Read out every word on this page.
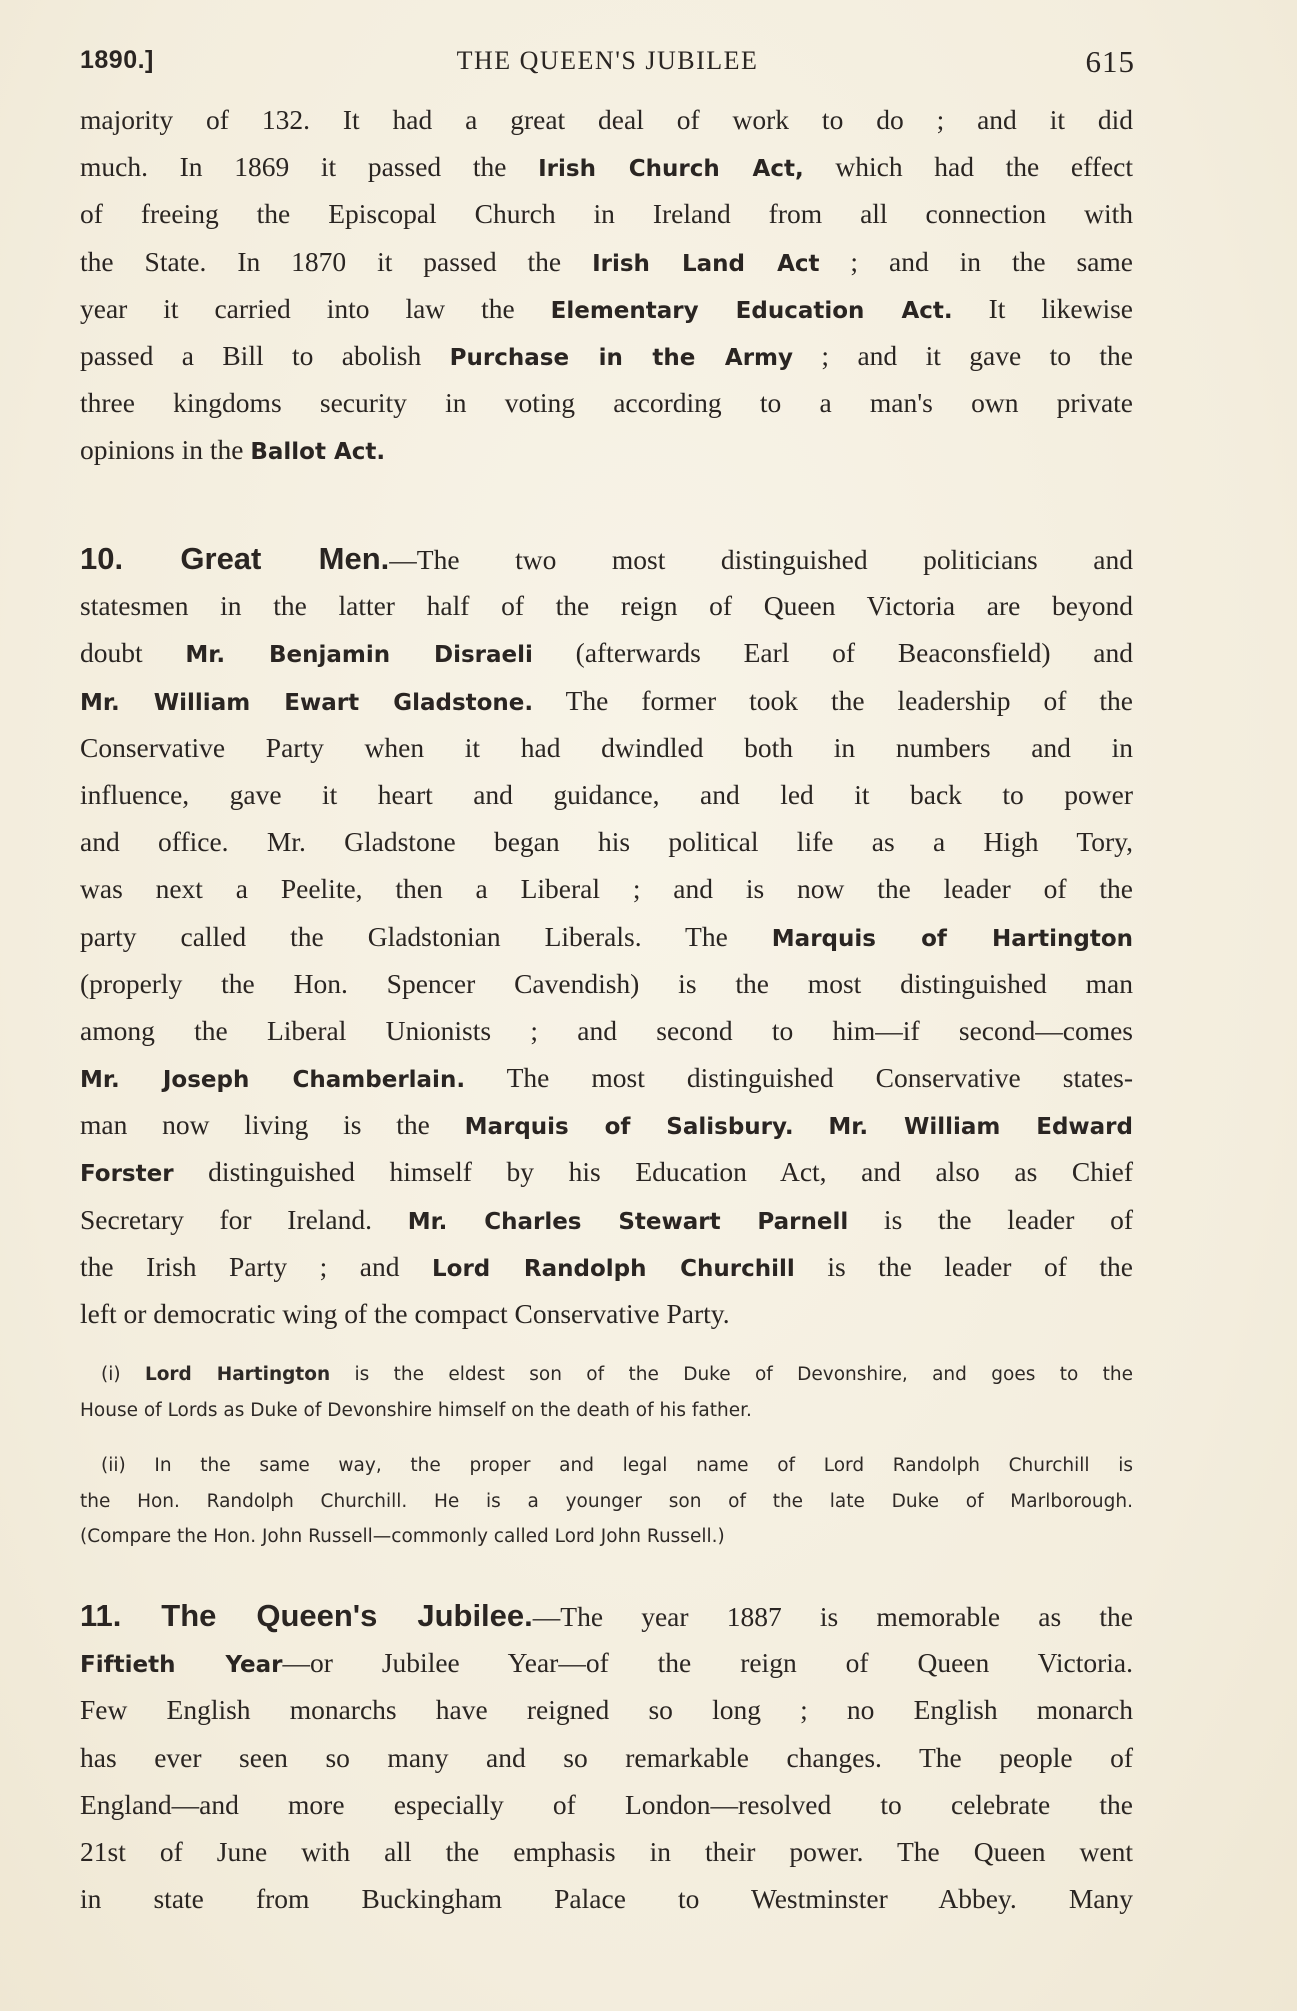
1890.]	THE QUEEN'S JUBILEE	615
majority of 132. It had a great deal of work to do ; and it did
much. In 1869 it passed the Irish Church Act, which had the effect
of freeing the Episcopal Church in Ireland from all connection with
the State. In 1870 it passed the Irish Land Act ; and in the same
year it carried into law the Elementary Education Act. It likewise
passed a Bill to abolish Purchase in the Army ; and it gave to the
three kingdoms security in voting according to a man's own private
opinions in the Ballot Act.
10. Great Men.—The two most distinguished politicians and
statesmen in the latter half of the reign of Queen Victoria are beyond
doubt Mr. Benjamin Disraeli (afterwards Earl of Beaconsfield) and
Mr. William Ewart Gladstone. The former took the leadership of the
Conservative Party when it had dwindled both in numbers and in
influence, gave it heart and guidance, and led it back to power
and office. Mr. Gladstone began his political life as a High Tory,
was next a Peelite, then a Liberal ; and is now the leader of the
party called the Gladstonian Liberals. The Marquis of Hartington
(properly the Hon. Spencer Cavendish) is the most distinguished man
among the Liberal Unionists ; and second to him—if second—comes
Mr. Joseph Chamberlain. The most distinguished Conservative states-
man now living is the Marquis of Salisbury. Mr. William Edward
Forster distinguished himself by his Education Act, and also as Chief
Secretary for Ireland. Mr. Charles Stewart Parnell is the leader of
the Irish Party ; and Lord Randolph Churchill is the leader of the
left or democratic wing of the compact Conservative Party.
(i) Lord Hartington is the eldest son of the Duke of Devonshire, and goes to the
House of Lords as Duke of Devonshire himself on the death of his father.
(ii) In the same way, the proper and legal name of Lord Randolph Churchill is
the Hon. Randolph Churchill. He is a younger son of the late Duke of Marlborough.
(Compare the Hon. John Russell—commonly called Lord John Russell.)
11. The Queen's Jubilee.—The year 1887 is memorable as the
Fiftieth Year—or Jubilee Year—of the reign of Queen Victoria.
Few English monarchs have reigned so long ; no English monarch
has ever seen so many and so remarkable changes. The people of
England—and more especially of London—resolved to celebrate the
21st of June with all the emphasis in their power. The Queen went
in state from Buckingham Palace to Westminster Abbey. Many
